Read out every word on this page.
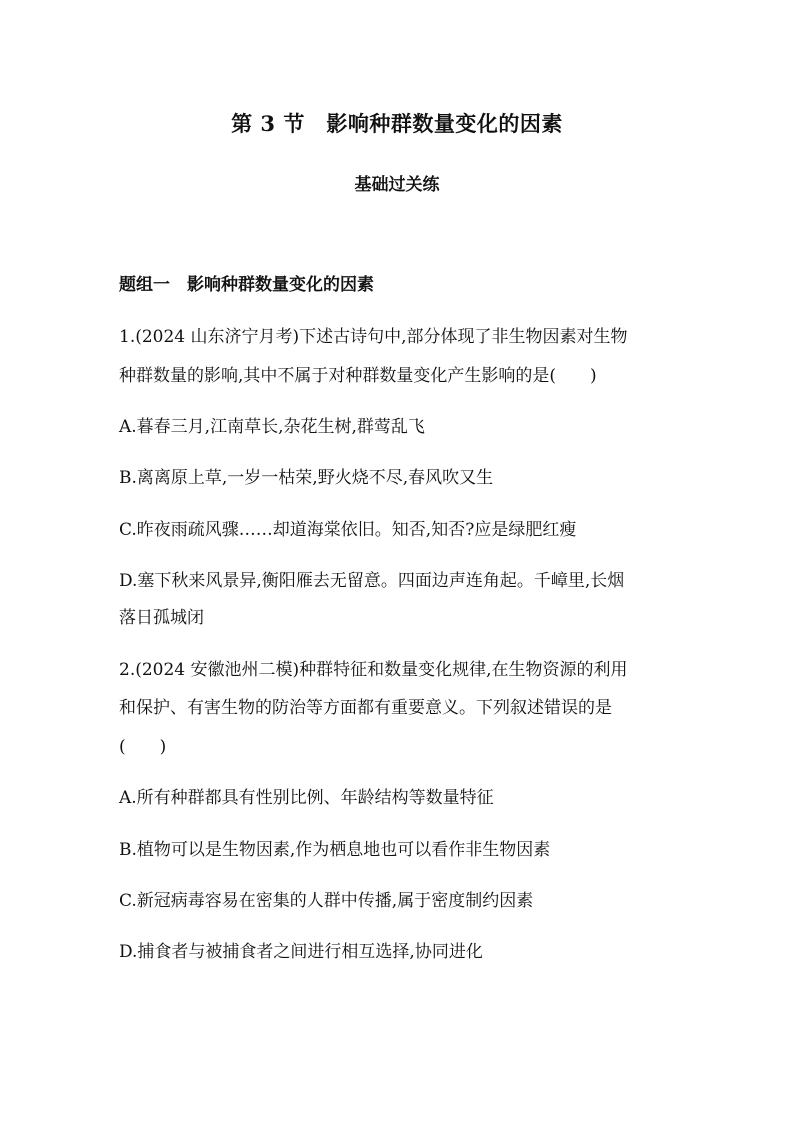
第 3 节　影响种群数量变化的因素
基础过关练
题组一　影响种群数量变化的因素
1.(2024 山东济宁月考)下述古诗句中,部分体现了非生物因素对生物
种群数量的影响,其中不属于对种群数量变化产生影响的是(　　)
A.暮春三月,江南草长,杂花生树,群莺乱飞
B.离离原上草,一岁一枯荣,野火烧不尽,春风吹又生
C.昨夜雨疏风骤……却道海棠依旧。知否,知否?应是绿肥红瘦
D.塞下秋来风景异,衡阳雁去无留意。四面边声连角起。千嶂里,长烟
落日孤城闭
2.(2024 安徽池州二模)种群特征和数量变化规律,在生物资源的利用
和保护、有害生物的防治等方面都有重要意义。下列叙述错误的是
(　　)
A.所有种群都具有性别比例、年龄结构等数量特征
B.植物可以是生物因素,作为栖息地也可以看作非生物因素
C.新冠病毒容易在密集的人群中传播,属于密度制约因素
D.捕食者与被捕食者之间进行相互选择,协同进化
